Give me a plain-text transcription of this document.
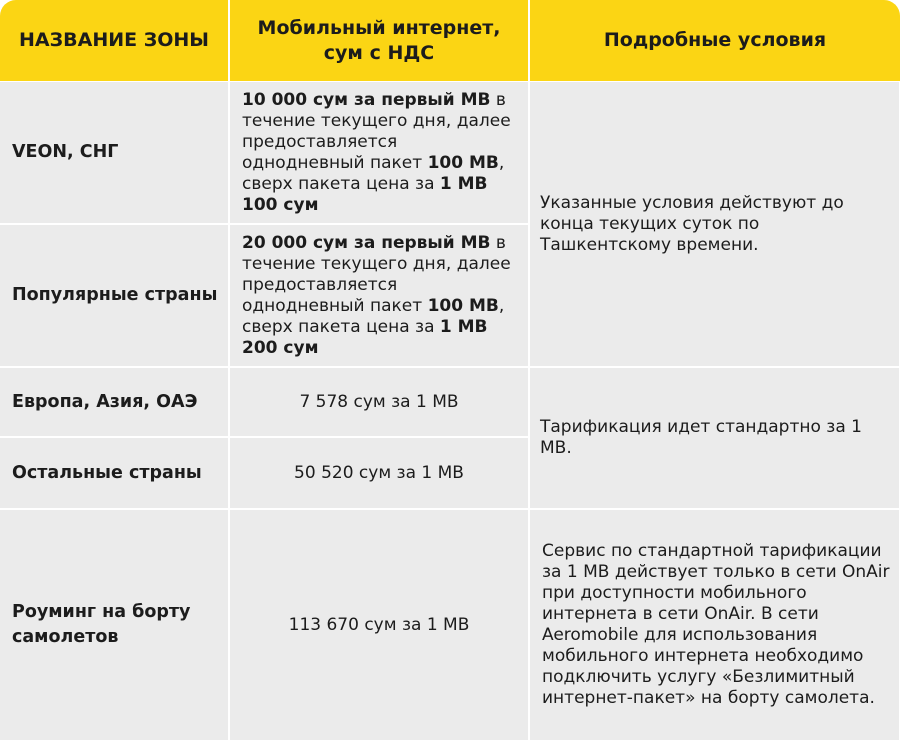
НАЗВАНИЕ ЗОНЫ
Мобильный интернет, сум с НДС
Подробные условия
VEON, СНГ
10 000 сум за первый МВ в течение текущего дня, далее предоставляется однодневный пакет 100 МВ, сверх пакета цена за 1 МВ 100 сум
Популярные страны
20 000 сум за первый МВ в течение текущего дня, далее предоставляется однодневный пакет 100 МВ, сверх пакета цена за 1 МВ 200 сум
Указанные условия действуют до конца текущих суток по Ташкентскому времени.
Европа, Азия, ОАЭ	7 578 сум за 1 МВ
Остальные страны	50 520 сум за 1 МВ
Тарификация идет стандартно за 1 МВ.
Роуминг на борту самолетов
113 670 сум за 1 МВ
Сервис по стандартной тарификации за 1 МВ действует только в сети OnAir при доступности мобильного интернета в сети OnAir. В сети Aeromobile для использования мобильного интернета необходимо подключить услугу «Безлимитный интернет-пакет» на борту самолета.
